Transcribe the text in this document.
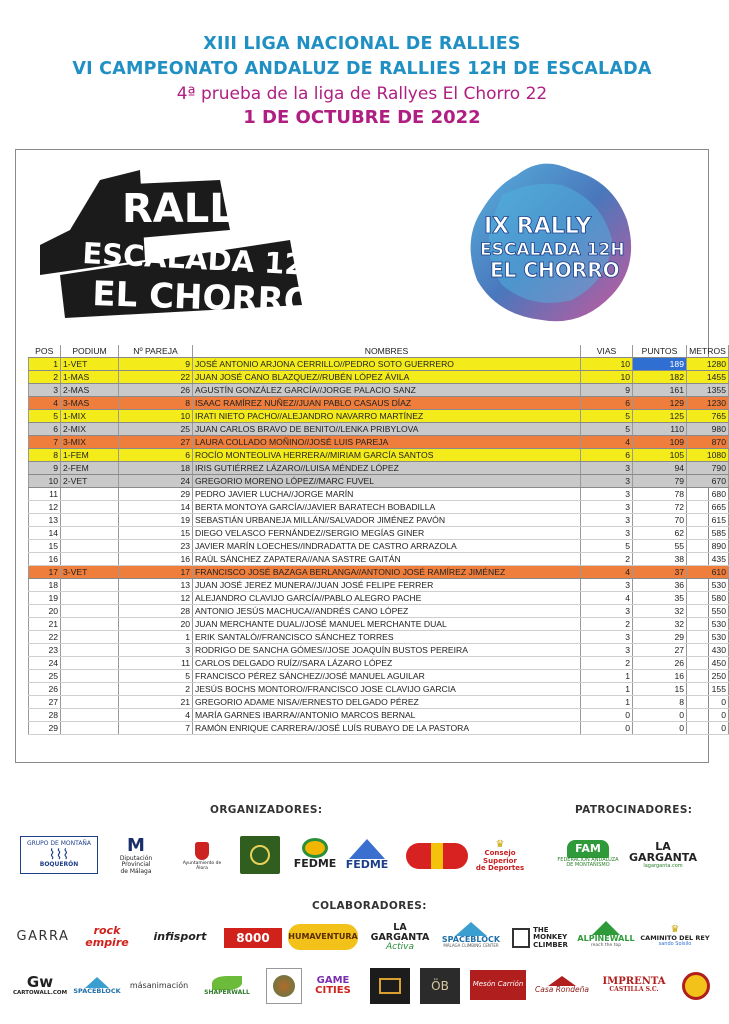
XIII LIGA NACIONAL DE RALLIES
VI CAMPEONATO ANDALUZ DE RALLIES 12H DE ESCALADA
4ª prueba de la liga de Rallyes El Chorro 22
1 DE OCTUBRE DE 2022
RALLY
ESCALADA 12H
EL CHORRO
IX RALLY
ESCALADA 12H
EL CHORRO
POS	PODIUM	Nº PAREJA	NOMBRES	VIAS	PUNTOS	METROS
1	1-VET	9	JOSÉ ANTONIO ARJONA CERRILLO//PEDRO SOTO GUERRERO	10	189	1280
2	1-MAS	22	JUAN JOSÉ CANO BLAZQUEZ//RUBÉN LÓPEZ ÁVILA	10	182	1455
3	2-MAS	26	AGUSTÍN GONZÁLEZ GARCÍA//JORGE PALACIO SANZ	9	161	1355
4	3-MAS	8	ISAAC RAMÍREZ NUÑEZ//JUAN PABLO CASAUS DÍAZ	6	129	1230
5	1-MIX	10	IRATI NIETO PACHO//ALEJANDRO NAVARRO MARTÍNEZ	5	125	765
6	2-MIX	25	JUAN CARLOS BRAVO DE BENITO//LENKA PRIBYLOVA	5	110	980
7	3-MIX	27	LAURA COLLADO MOÑINO//JOSÉ LUIS PAREJA	4	109	870
8	1-FEM	6	ROCÍO MONTEOLIVA HERRERA//MIRIAM GARCÍA SANTOS	6	105	1080
9	2-FEM	18	IRIS GUTIÉRREZ LÁZARO//LUISA MÉNDEZ LÓPEZ	3	94	790
10	2-VET	24	GREGORIO MORENO LÓPEZ//MARC FUVEL	3	79	670
11		29	PEDRO JAVIER LUCHA//JORGE MARÍN	3	78	680
12		14	BERTA MONTOYA GARCÍA//JAVIER BARATECH BOBADILLA	3	72	665
13		19	SEBASTIÁN URBANEJA MILLÁN//SALVADOR JIMÉNEZ PAVÓN	3	70	615
14		15	DIEGO VELASCO FERNÁNDEZ//SERGIO MEGÍAS GINER	3	62	585
15		23	JAVIER MARÍN LOECHES//INDRADATTA DE CASTRO ARRAZOLA	5	55	890
16		16	RAÚL SÁNCHEZ ZAPATERA//ANA SASTRE GAITÁN	2	38	435
17	3-VET	17	FRANCISCO JOSÉ BAZAGA BERLANGA//ANTONIO JOSÉ RAMÍREZ JIMÉNEZ	4	37	610
18		13	JUAN JOSÉ JEREZ MUNERA//JUAN JOSÉ FELIPE FERRER	3	36	530
19		12	ALEJANDRO CLAVIJO GARCÍA//PABLO ALEGRO PACHE	4	35	580
20		28	ANTONIO JESÚS MACHUCA//ANDRÉS CANO LÓPEZ	3	32	550
21		20	JUAN MERCHANTE DUAL//JOSÉ MANUEL MERCHANTE DUAL	2	32	530
22		1	ERIK SANTALÓ//FRANCISCO SÁNCHEZ TORRES	3	29	530
23		3	RODRIGO DE SANCHA GÓMES//JOSE JOAQUÍN BUSTOS PEREIRA	3	27	430
24		11	CARLOS DELGADO RUÍZ//SARA LÁZARO LÓPEZ	2	26	450
25		5	FRANCISCO PÉREZ SÁNCHEZ//JOSÉ MANUEL AGUILAR	1	16	250
26		2	JESÚS BOCHS MONTORO//FRANCISCO JOSE CLAVIJO GARCIA	1	15	155
27		21	GREGORIO ADAME NISA//ERNESTO DELGADO PÉREZ	1	8	0
28		4	MARÍA GARNES IBARRA//ANTONIO MARCOS BERNAL	0	0	0
29		7	RAMÓN ENRIQUE CARRERA//JOSÉ LUÍS RUBAYO DE LA PASTORA	0	0	0
ORGANIZADORES:	PATROCINADORES:
COLABORADORES:
GRUPO DE MONTAÑA
⌇⌇⌇
BOQUERÓN
M
Diputación Provincial
de Málaga
Ayuntamiento de Álora	FEDME FEDME
♛
Consejo
Superior
de Deportes
FAM
FEDERACIÓN ANDALUZA
DE MONTAÑISMO
LA GARGANTA
lagarganta.com
GARRA	rock empire	infisport	8000	HUMAVENTURA
LA GARGANTA
Activa
SPACEBLOCK
MÁLAGA CLIMBING CENTER
THE
MONKEY
CLIMBER
ALPINEWALL
reach the top
♛
CAMINITO DEL REY
sando Solsilo
Gw
CARTOWALL.COM SPACEBLOCK
másanimación
SHAPERWALL
GAME
CITIES	ÖB	Mesón Carrión
Casa Rondeña
IMPRENTA
CASTILLA S.C.
